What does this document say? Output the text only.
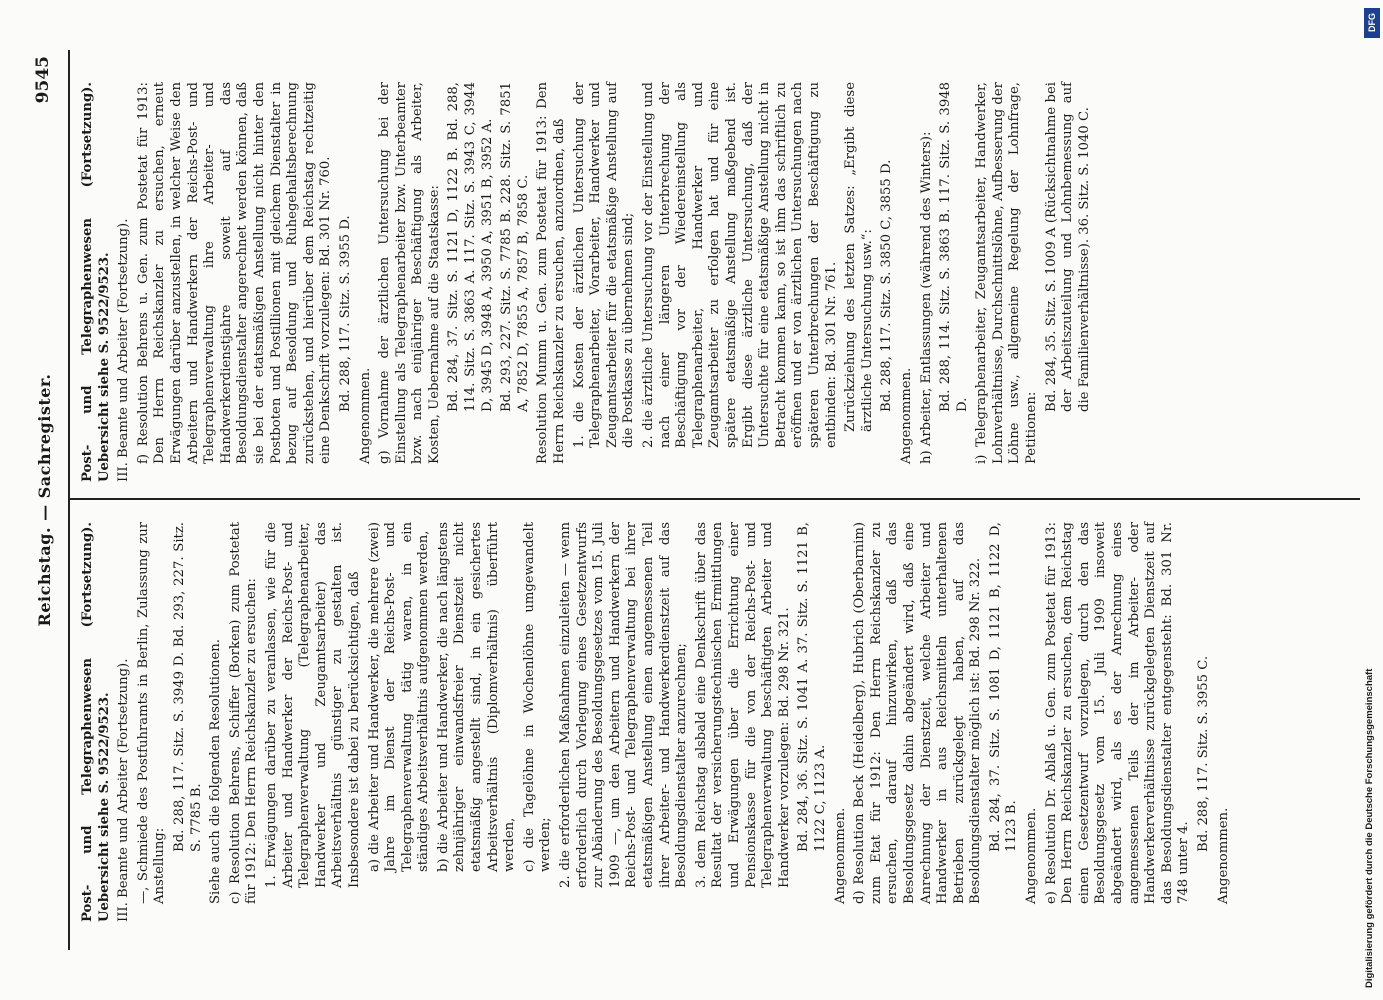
Reichstag. — Sachregister.
9545

Post- und Telegraphenwesen (Fortsetzung). Uebersicht siehe S. 9522/9523. III. Beamte und Arbeiter (Fortsetzung). —, Schmiede des Postfuhramts in Berlin, Zulassung zur Anstellung:

Bd. 288, 117. Sitz. S. 3949 D. Bd. 293, 227. Sitz. S. 7785 B. Siehe auch die folgenden Resolutionen. c) Resolution Behrens, Schiffer (Borken) zum Postetat für 1912: Den Herrn Reichskanzler zu ersuchen: 1. Erwägungen darüber zu veranlassen, wie für die Arbeiter und Handwerker der Reichs-Post- und Telegraphenverwaltung (Telegraphenarbeiter, Handwerker und Zeugamtsarbeiter) das Arbeitsverhältnis günstiger zu gestalten ist. Insbesondere ist dabei zu berücksichtigen, daß a) die Arbeiter und Handwerker, die mehrere (zwei) Jahre im Dienst der Reichs-Post- und Telegraphenverwaltung tätig waren, in ein ständiges Arbeitsverhältnis aufgenommen werden, b) die Arbeiter und Handwerker, die nach längstens zehnjähriger einwandsfreier Dienstzeit nicht etatsmäßig angestellt sind, in ein gesichertes Arbeitsverhältnis (Diplomverhältnis) überführt werden, c) die Tagelöhne in Wochenlöhne umgewandelt werden; 2. die erforderlichen Maßnahmen einzuleiten — wenn erforderlich durch Vorlegung eines Gesetzentwurfs zur Abänderung des Besoldungsgesetzes vom 15. Juli 1909 —, um den Arbeitern und Handwerkern der Reichs-Post- und Telegraphenverwaltung bei ihrer etatsmäßigen Anstellung einen angemessenen Teil ihrer Arbeiter- und Handwerkerdienstzeit auf das Besoldungsdienstalter anzurechnen; 3. dem Reichstag alsbald eine Denkschrift über das Resultat der versicherungstechnischen Ermittlungen und Erwägungen über die Errichtung einer Pensionskasse für die von der Reichs-Post- und Telegraphenverwaltung beschäftigten Arbeiter und Handwerker vorzulegen: Bd. 298 Nr. 321. Bd. 284, 36. Sitz. S. 1041 A. 37. Sitz. S. 1121 B, 1122 C, 1123 A.

Angenommen. d) Resolution Beck (Heidelberg), Hubrich (Oberbarnim) zum Etat für 1912: Den Herrn Reichskanzler zu ersuchen, darauf hinzuwirken, daß das Besoldungsgesetz dahin abgeändert wird, daß eine Anrechnung der Dienstzeit, welche Arbeiter und Handwerker in aus Reichsmitteln unterhaltenen Betrieben zurückgelegt haben, auf das Besoldungsdienstalter möglich ist: Bd. 298 Nr. 322. Bd. 284, 37. Sitz. S. 1081 D, 1121 B, 1122 D, 1123 B. Angenommen. e) Resolution Dr. Ablaß u. Gen. zum Postetat für 1913: Den Herrn Reichskanzler zu ersuchen, dem Reichstag einen Gesetzentwurf vorzulegen, durch den das Besoldungsgesetz vom 15. Juli 1909 insoweit abgeändert wird, als es der Anrechnung eines angemessenen Teils der im Arbeiter- oder Handwerkerverhältnisse zurückgelegten Dienstzeit auf das Besoldungsdienstalter entgegensteht: Bd. 301 Nr. 748 unter 4.

Bd. 288, 117. Sitz. S. 3955 C.

Angenommen.

Post- und Telegraphenwesen (Fortsetzung). Uebersicht siehe S. 9522/9523. III. Beamte und Arbeiter (Fortsetzung). f) Resolution Behrens u. Gen. zum Postetat für 1913: Den Herrn Reichskanzler zu ersuchen, erneut Erwägungen darüber anzustellen, in welcher Weise den Arbeitern und Handwerkern der Reichs-Post- und Telegraphenverwaltung ihre Arbeiter- und Handwerkerdienstjahre soweit auf das Besoldungsdienstalter angerechnet werden können, daß sie bei der etatsmäßigen Anstellung nicht hinter den Postboten und Postillionen mit gleichem Dienstalter in bezug auf Besoldung und Ruhegehaltsberechnung zurückstehen, und hierüber dem Reichstag rechtzeitig eine Denkschrift vorzulegen: Bd. 301 Nr. 760. Bd. 288, 117. Sitz. S. 3955 D.

Angenommen. g) Vornahme der ärztlichen Untersuchung bei der Einstellung als Telegraphenarbeiter bzw. Unterbeamter bzw. nach einjähriger Beschäftigung als Arbeiter, Kosten, Uebernahme auf die Staatskasse: Bd. 284, 37. Sitz. S. 1121 D, 1122 B. Bd. 288, 114. Sitz. S. 3863 A. 117. Sitz. S. 3943 C, 3944 D, 3945 D, 3948 A, 3950 A, 3951 B, 3952 A. Bd. 293, 227. Sitz. S. 7785 B. 228. Sitz. S. 7851 A, 7852 D, 7855 A, 7857 B, 7858 C. Resolution Mumm u. Gen. zum Postetat für 1913: Den Herrn Reichskanzler zu ersuchen, anzuordnen, daß 1. die Kosten der ärztlichen Untersuchung der Telegraphenarbeiter, Vorarbeiter, Handwerker und Zeugamtsarbeiter für die etatsmäßige Anstellung auf die Postkasse zu übernehmen sind; 2. die ärztliche Untersuchung vor der Einstellung und nach einer längeren Unterbrechung der Beschäftigung vor der Wiedereinstellung als Telegraphenarbeiter, Handwerker und Zeugamtsarbeiter zu erfolgen hat und für eine spätere etatsmäßige Anstellung maßgebend ist. Ergibt diese ärztliche Untersuchung, daß der Untersuchte für eine etatsmäßige Anstellung nicht in Betracht kommen kann, so ist ihm das schriftlich zu eröffnen und er von ärztlichen Untersuchungen nach späteren Unterbrechungen der Beschäftigung zu entbinden: Bd. 301 Nr. 761. Zurückziehung des letzten Satzes: „Ergibt diese ärztliche Untersuchung usw.“: Bd. 288, 117. Sitz. S. 3850 C, 3855 D.

Angenommen. h) Arbeiter, Entlassungen (während des Winters): Bd. 288, 114. Sitz. S. 3863 B. 117. Sitz. S. 3948 D. i) Telegraphenarbeiter, Zeugamtsarbeiter, Handwerker, Lohnverhältnisse, Durchschnittslöhne, Aufbesserung der Löhne usw., allgemeine Regelung der Lohnfrage, Petitionen:

Bd. 284, 35. Sitz. S. 1009 A (Rücksichtnahme bei der Arbeitszuteilung und Lohnbemessung auf die Familienverhältnisse). 36. Sitz. S. 1040 C.

Digitalisierung gefördert durch die Deutsche Forschungsgemeinschaft
DFG
